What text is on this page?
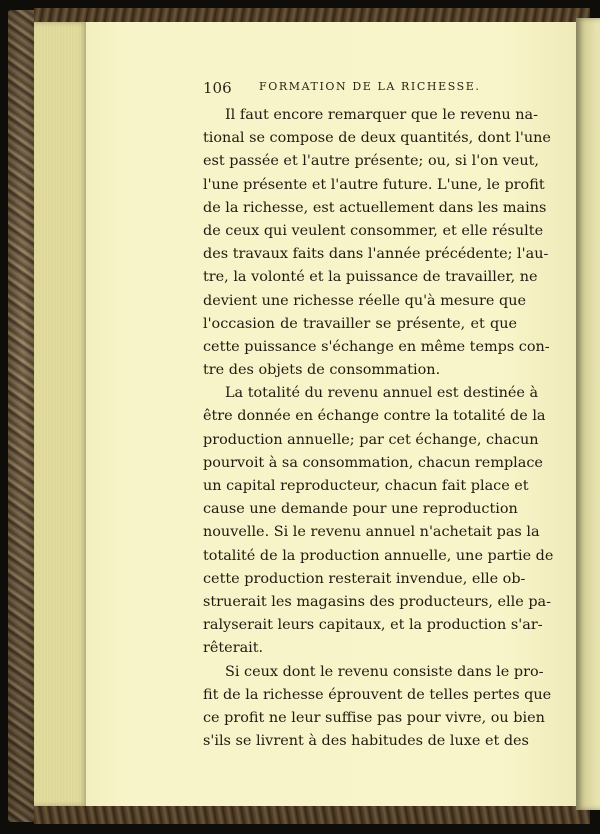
106 FORMATION DE LA RICHESSE.
Il faut encore remarquer que le revenu na-
tional se compose de deux quantités, dont l'une
est passée et l'autre présente; ou, si l'on veut,
l'une présente et l'autre future. L'une, le profit
de la richesse, est actuellement dans les mains
de ceux qui veulent consommer, et elle résulte
des travaux faits dans l'année précédente; l'au-
tre, la volonté et la puissance de travailler, ne
devient une richesse réelle qu'à mesure que
l'occasion de travailler se présente, et que
cette puissance s'échange en même temps con-
tre des objets de consommation.
La totalité du revenu annuel est destinée à
être donnée en échange contre la totalité de la
production annuelle; par cet échange, chacun
pourvoit à sa consommation, chacun remplace
un capital reproducteur, chacun fait place et
cause une demande pour une reproduction
nouvelle. Si le revenu annuel n'achetait pas la
totalité de la production annuelle, une partie de
cette production resterait invendue, elle ob-
struerait les magasins des producteurs, elle pa-
ralyserait leurs capitaux, et la production s'ar-
rêterait.
Si ceux dont le revenu consiste dans le pro-
fit de la richesse éprouvent de telles pertes que
ce profit ne leur suffise pas pour vivre, ou bien
s'ils se livrent à des habitudes de luxe et des
